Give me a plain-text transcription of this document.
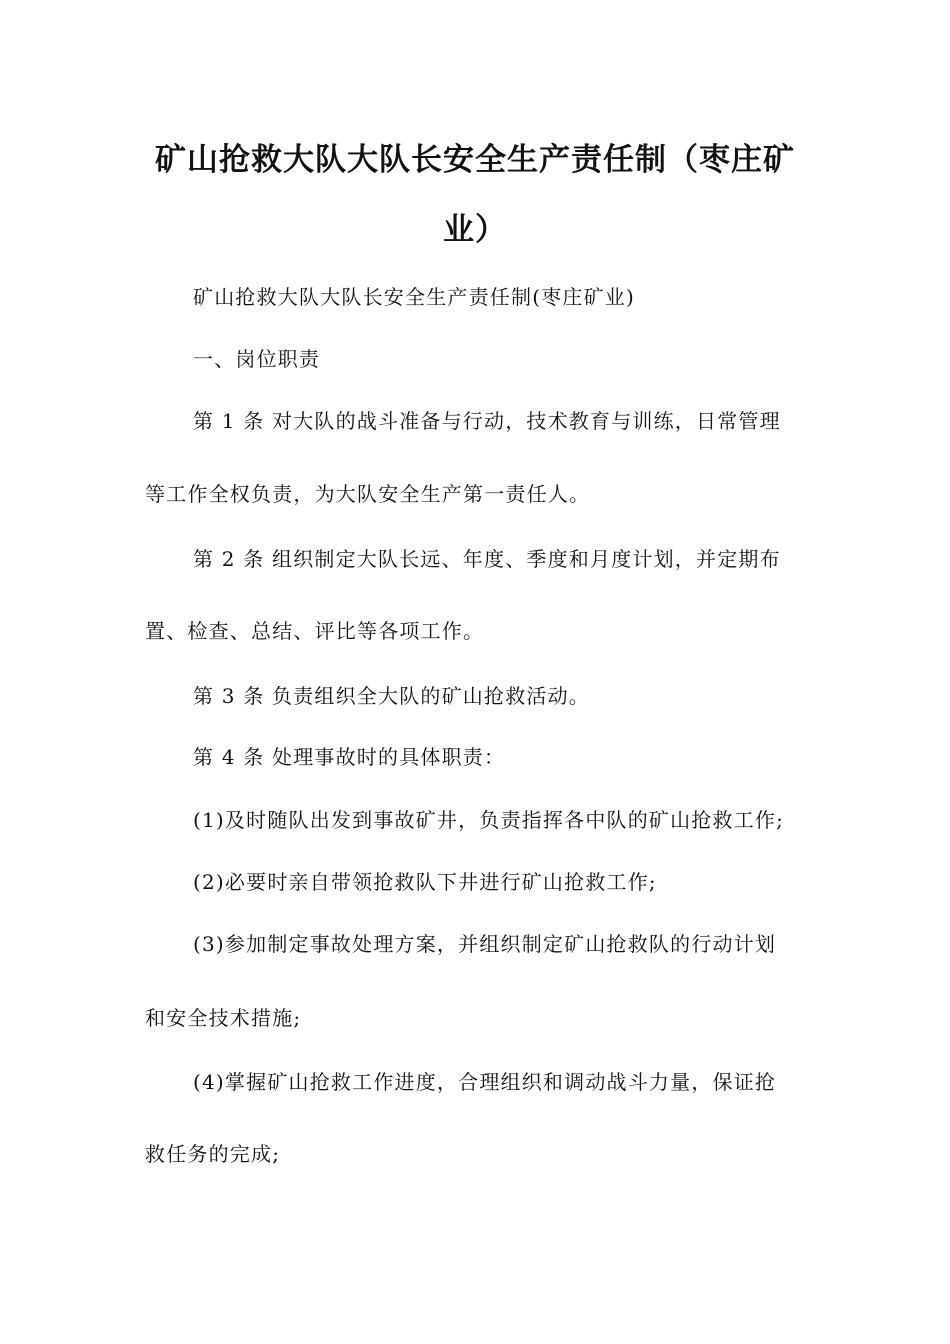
矿山抢救大队大队长安全生产责任制（枣庄矿
业）
矿山抢救大队大队长安全生产责任制(枣庄矿业)
一、岗位职责
第 1 条 对大队的战斗准备与行动，技术教育与训练，日常管理
等工作全权负责，为大队安全生产第一责任人。
第 2 条 组织制定大队长远、年度、季度和月度计划，并定期布
置、检查、总结、评比等各项工作。
第 3 条 负责组织全大队的矿山抢救活动。
第 4 条 处理事故时的具体职责：
(1)及时随队出发到事故矿井，负责指挥各中队的矿山抢救工作;
(2)必要时亲自带领抢救队下井进行矿山抢救工作;
(3)参加制定事故处理方案，并组织制定矿山抢救队的行动计划
和安全技术措施;
(4)掌握矿山抢救工作进度，合理组织和调动战斗力量，保证抢
救任务的完成;
